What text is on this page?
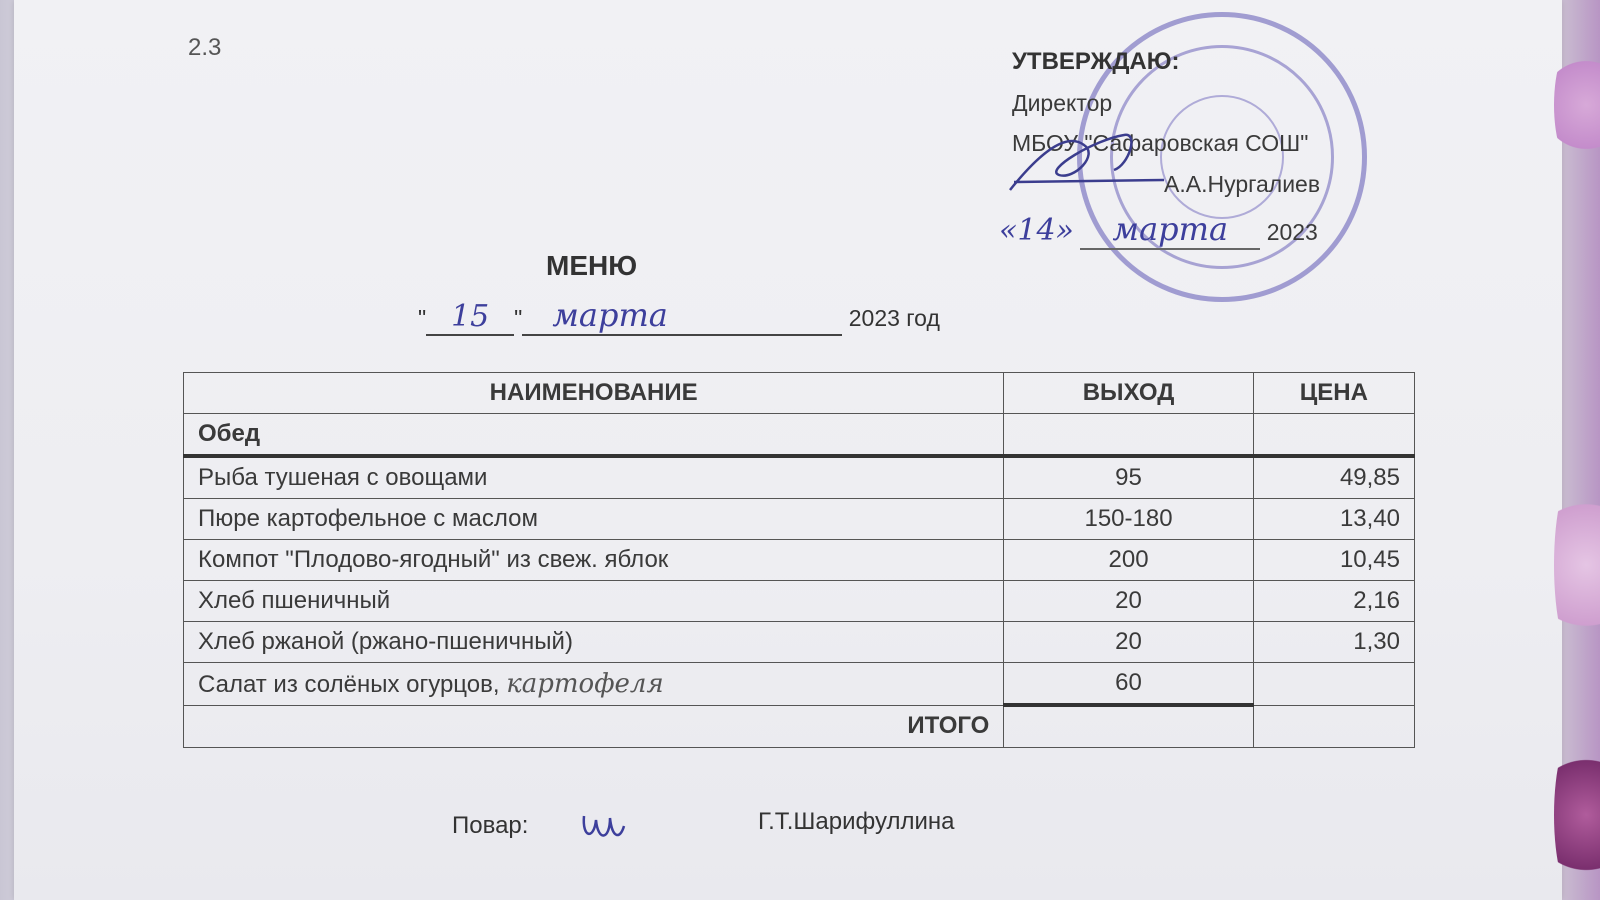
2.3
УТВЕРЖДАЮ:
Директор
МБОУ "Сафаровская СОШ"
А.А.Нургалиев
«14» марта 2023
МЕНЮ
" 15 " марта	2023 год
НАИМЕНОВАНИЕ	ВЫХОД	ЦЕНА
Обед		
Рыба тушеная с овощами	95	49,85
Пюре картофельное с маслом	150-180	13,40
Компот "Плодово-ягодный" из свеж. яблок	200	10,45
Хлеб пшеничный	20	2,16
Хлеб ржаной (ржано-пшеничный)	20	1,30
Салат из солёных огурцов, картофеля	60	
ИТОГО		
Повар:	Г.Т.Шарифуллина
